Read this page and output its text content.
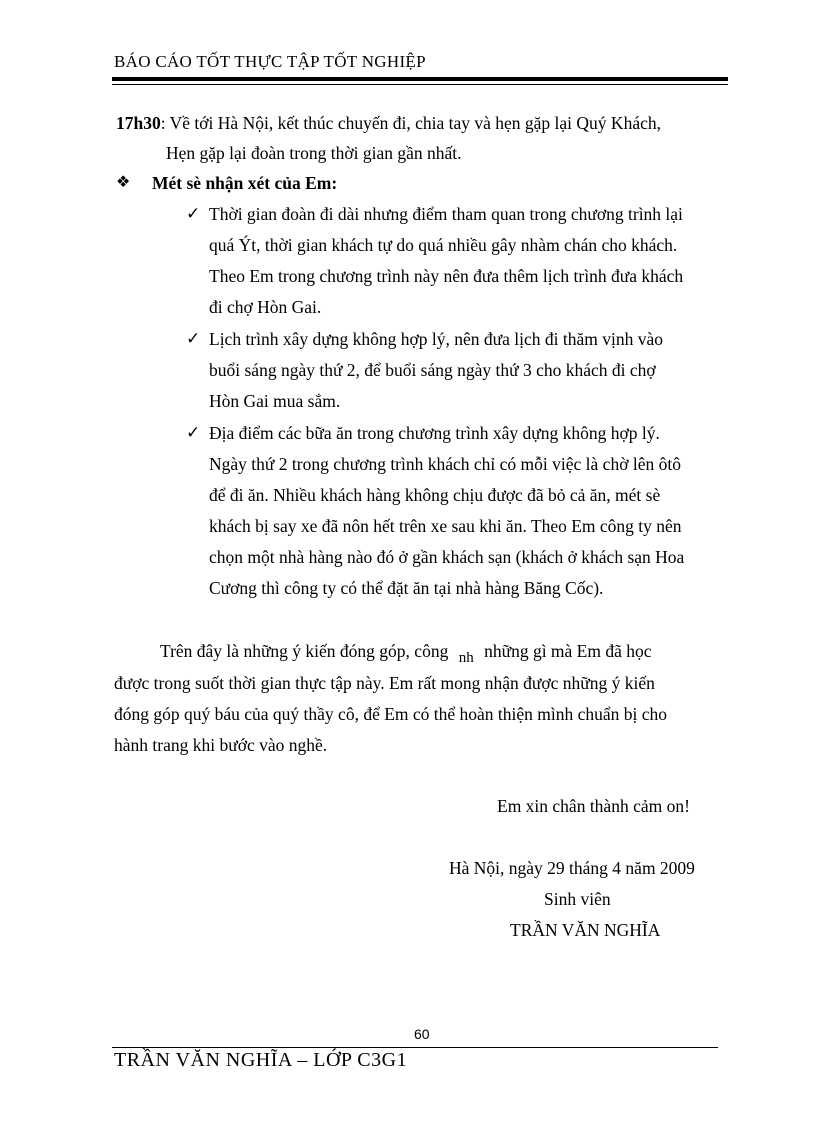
BÁO CÁO TỐT THỰC TẬP TỐT NGHIỆP
17h30: Về tới Hà Nội, kết thúc chuyến đi, chia tay và hẹn gặp lại Quý Khách,
Hẹn gặp lại đoàn trong thời gian gần nhất.
❖ Mét sè nhận xét của Em:
✓ Thời gian đoàn đi dài nhưng điểm tham quan trong chương trình lại
quá Ýt, thời gian khách tự do quá nhiều gây nhàm chán cho khách.
Theo Em trong chương trình này nên đưa thêm lịch trình đưa khách
đi chợ Hòn Gai.
✓ Lịch trình xây dựng không hợp lý, nên đưa lịch đi thăm vịnh vào
buổi sáng ngày thứ 2, để buổi sáng ngày thứ 3 cho khách đi chợ
Hòn Gai mua sắm.
✓ Địa điểm các bữa ăn trong chương trình xây dựng không hợp lý.
Ngày thứ 2 trong chương trình khách chỉ có mỗi việc là chờ lên ôtô
để đi ăn. Nhiều khách hàng không chịu được đã bỏ cả ăn, mét sè
khách bị say xe đã nôn hết trên xe sau khi ăn. Theo Em công ty nên
chọn một nhà hàng nào đó ở gần khách sạn (khách ở khách sạn Hoa
Cương thì công ty có thể đặt ăn tại nhà hàng Băng Cốc).
Trên đây là những ý kiến đóng góp, công nh những gì mà Em đã học
được trong suốt thời gian thực tập này. Em rất mong nhận được những ý kiến
đóng góp quý báu của quý thầy cô, để Em có thể hoàn thiện mình chuẩn bị cho
hành trang khi bước vào nghề.
Em xin chân thành cảm on!
Hà Nội, ngày 29 tháng 4 năm 2009
Sinh viên
TRẦN VĂN NGHĨA
60
TRẦN VĂN NGHĨA – LỚP C3G1
